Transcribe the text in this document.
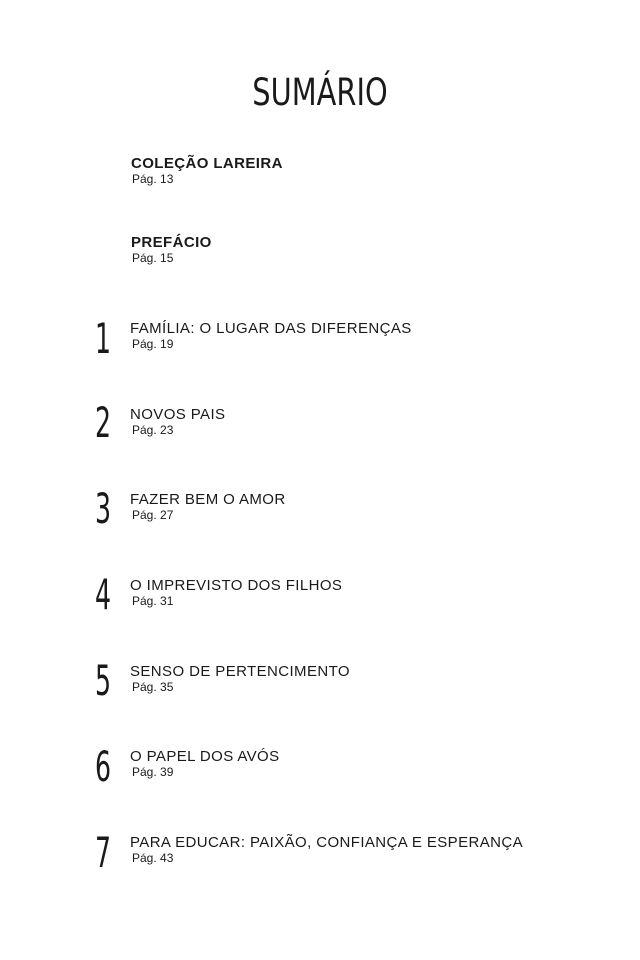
SUMÁRIO
COLEÇÃO LAREIRA
Pág. 13
PREFÁCIO
Pág. 15
1 FAMÍLIA: O LUGAR DAS DIFERENÇAS
Pág. 19
2 NOVOS PAIS
Pág. 23
3 FAZER BEM O AMOR
Pág. 27
4 O IMPREVISTO DOS FILHOS
Pág. 31
5 SENSO DE PERTENCIMENTO
Pág. 35
6 O PAPEL DOS AVÓS
Pág. 39
7 PARA EDUCAR: PAIXÃO, CONFIANÇA E ESPERANÇA
Pág. 43
